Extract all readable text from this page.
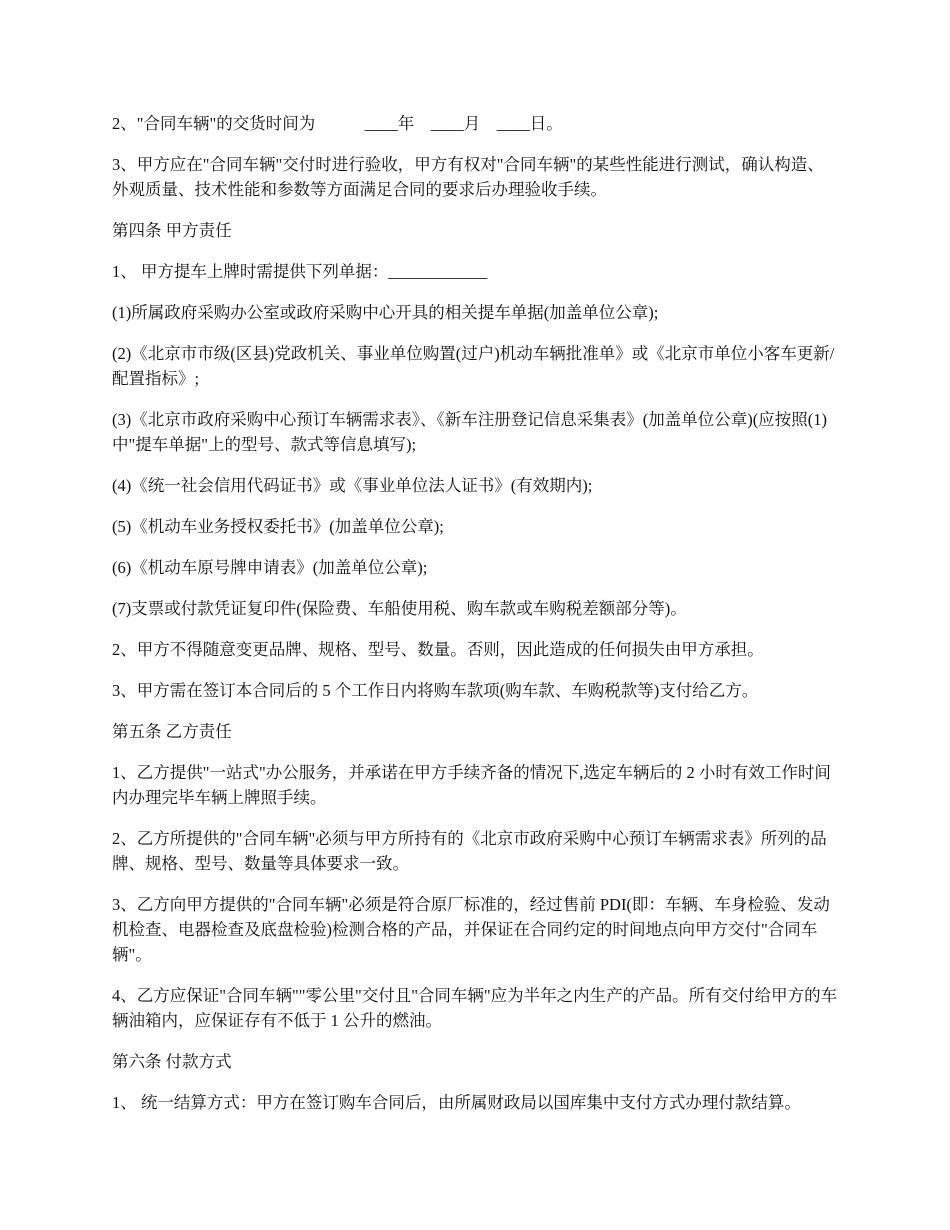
2、"合同车辆"的交货时间为　　　____年　____月　____日。

3、甲方应在"合同车辆"交付时进行验收，甲方有权对"合同车辆"的某些性能进行测试，确认构造、外观质量、技术性能和参数等方面满足合同的要求后办理验收手续。

第四条 甲方责任

1、 甲方提车上牌时需提供下列单据：____________

(1)所属政府采购办公室或政府采购中心开具的相关提车单据(加盖单位公章);

(2)《北京市市级(区县)党政机关、事业单位购置(过户)机动车辆批准单》或《北京市单位小客车更新/配置指标》;

(3)《北京市政府采购中心预订车辆需求表》、《新车注册登记信息采集表》(加盖单位公章)(应按照(1)中"提车单据"上的型号、款式等信息填写);

(4)《统一社会信用代码证书》或《事业单位法人证书》(有效期内);

(5)《机动车业务授权委托书》(加盖单位公章);

(6)《机动车原号牌申请表》(加盖单位公章);

(7)支票或付款凭证复印件(保险费、车船使用税、购车款或车购税差额部分等)。

2、甲方不得随意变更品牌、规格、型号、数量。否则，因此造成的任何损失由甲方承担。

3、甲方需在签订本合同后的 5 个工作日内将购车款项(购车款、车购税款等)支付给乙方。

第五条 乙方责任

1、乙方提供"一站式"办公服务，并承诺在甲方手续齐备的情况下,选定车辆后的 2 小时有效工作时间内办理完毕车辆上牌照手续。

2、乙方所提供的"合同车辆"必须与甲方所持有的《北京市政府采购中心预订车辆需求表》所列的品牌、规格、型号、数量等具体要求一致。

3、乙方向甲方提供的"合同车辆"必须是符合原厂标准的，经过售前 PDI(即：车辆、车身检验、发动机检查、电器检查及底盘检验)检测合格的产品，并保证在合同约定的时间地点向甲方交付"合同车辆"。

4、乙方应保证"合同车辆""零公里"交付且"合同车辆"应为半年之内生产的产品。所有交付给甲方的车辆油箱内，应保证存有不低于 1 公升的燃油。

第六条 付款方式

1、 统一结算方式：甲方在签订购车合同后，由所属财政局以国库集中支付方式办理付款结算。
